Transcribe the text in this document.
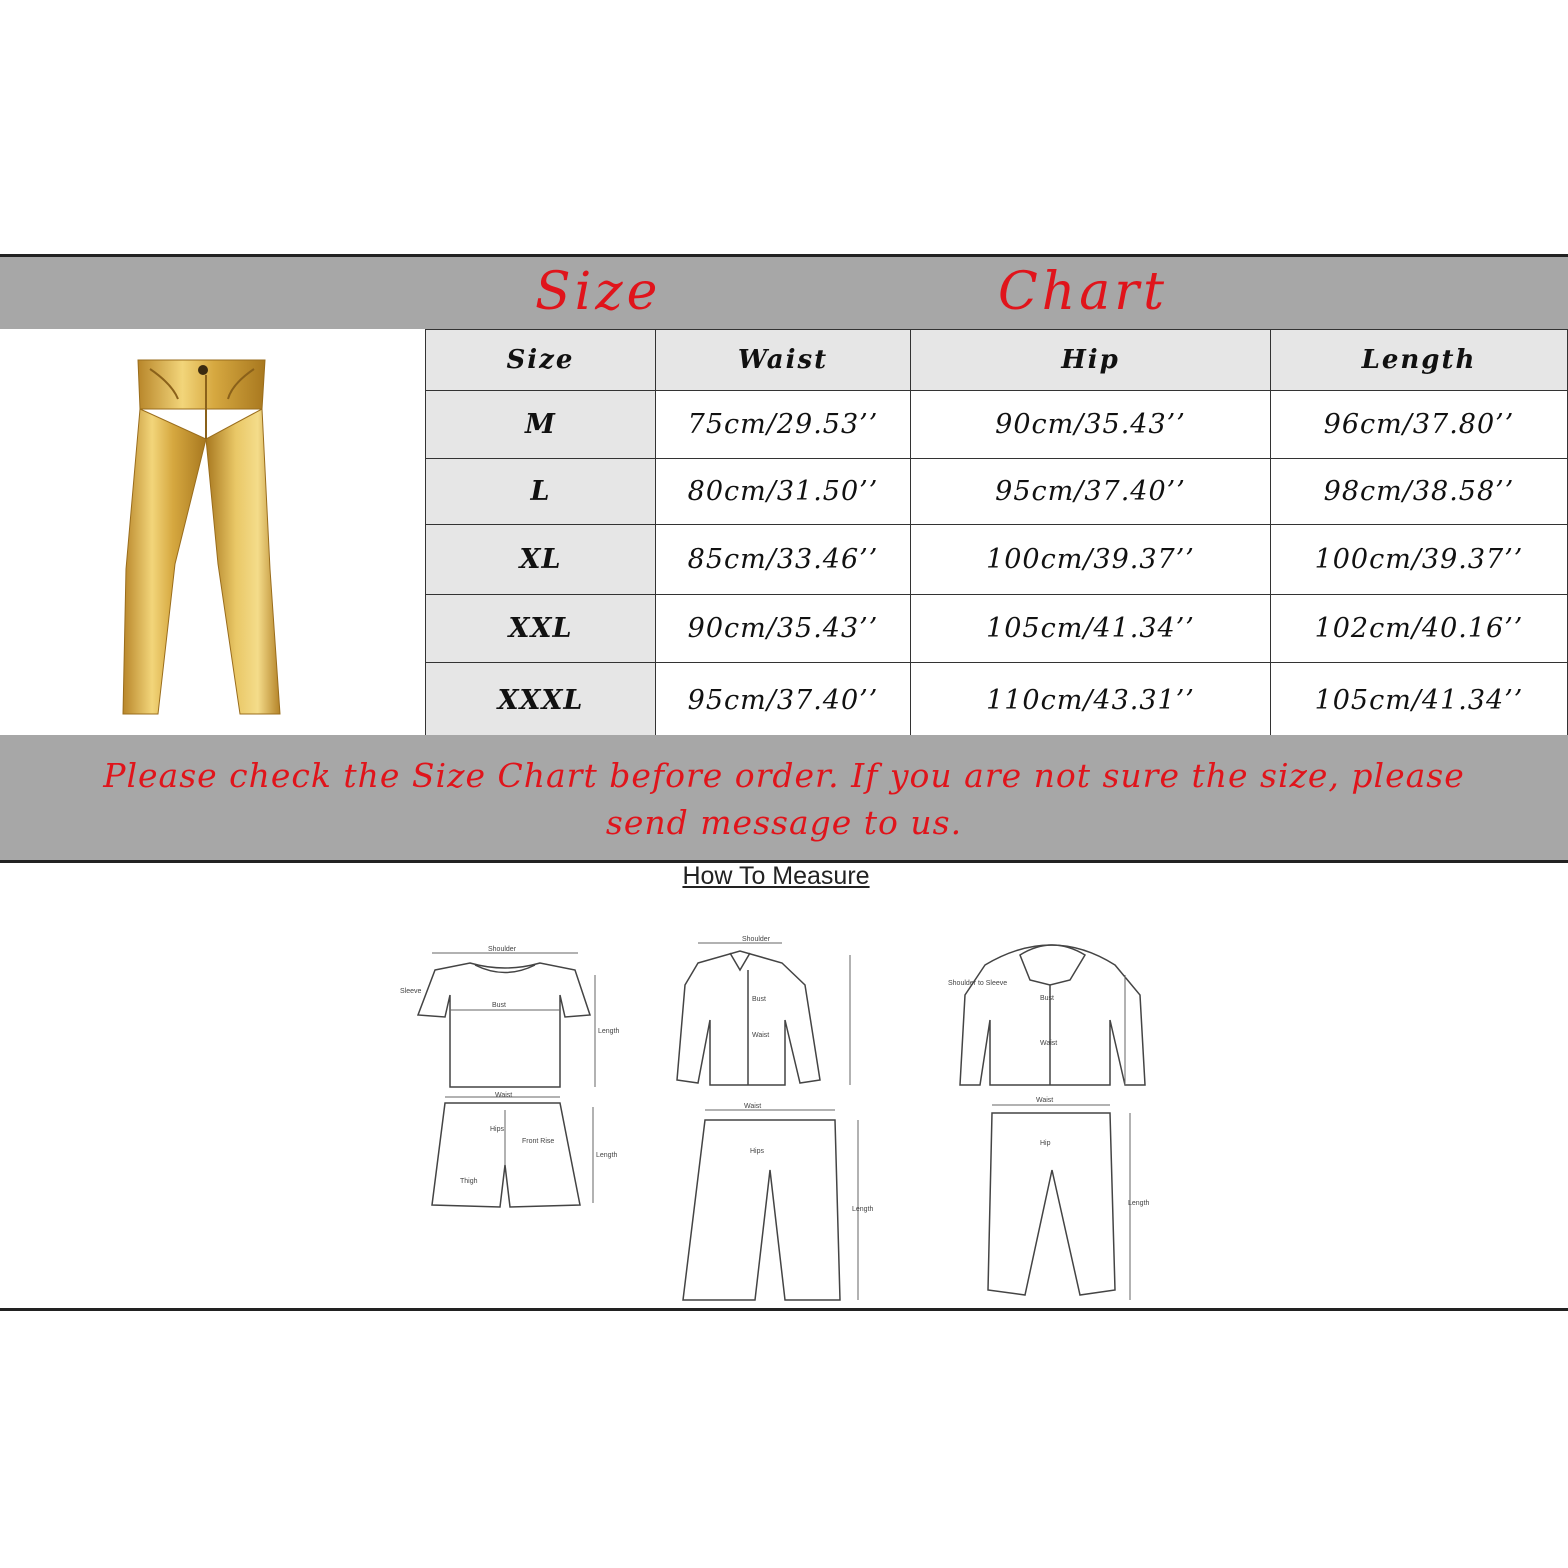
Size	Chart
Size	Waist	Hip	Length
M	75cm/29.53’’	90cm/35.43’’	96cm/37.80’’
L	80cm/31.50’’	95cm/37.40’’	98cm/38.58’’
XL	85cm/33.46’’	100cm/39.37’’	100cm/39.37’’
XXL	90cm/35.43’’	105cm/41.34’’	102cm/40.16’’
XXXL	95cm/37.40’’	110cm/43.31’’	105cm/41.34’’
Please check the Size Chart before order. If you are not sure the size, please
send message to us.
How To Measure
Shoulder
Bust
Length
Sleeve
Waist
Hips
Front Rise
Thigh
Length
Shoulder
Bust
Waist
Waist
Hips
Length
Bust
Waist
Shoulder to Sleeve
Waist
Hip
Length
